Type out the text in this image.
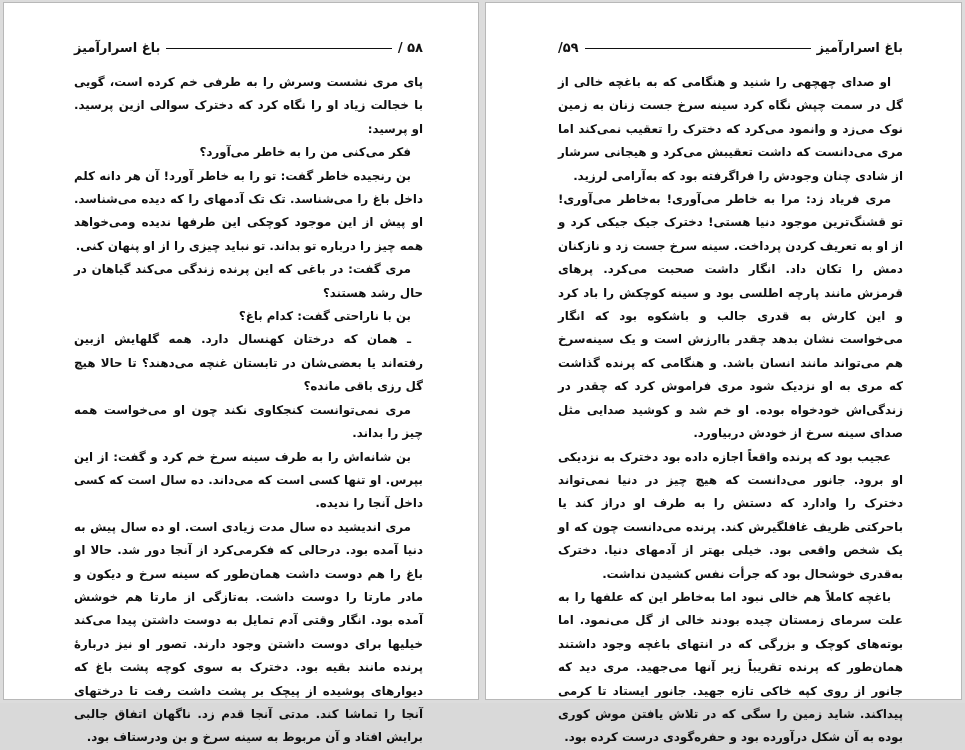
۵۸ /
باغ اسرارآمیز

پای مری نشست وسرش را به طرفی خم کرده است، گویی با خجالت زیاد او را نگاه کرد که دخترک سوالی ازین پرسید. او پرسید:

فکر می‌کنی من را به خاطر می‌آورد؟

بن رنجیده خاطر گفت: تو را به خاطر آورد! آن هر دانه کلم داخل باغ را می‌شناسد. تک تک آدمهای را که دیده می‌شناسد. او پیش از این موجود کوچکی این طرفها ندیده ومی‌خواهد همه چیز را درباره تو بداند. تو نباید چیزی را از او پنهان کنی.

مری گفت: در باغی که این پرنده زندگی می‌کند گیاهان در حال رشد هستند؟

بن با ناراحتی گفت: کدام باغ؟

ـ همان که درختان کهنسال دارد. همه گلهایش ازبین رفته‌اند یا بعضی‌شان در تابستان غنچه می‌دهند؟ تا حالا هیچ گل رزی باقی مانده؟

مری نمی‌توانست کنجکاوی نکند چون او می‌خواست همه چیز را بداند.

بن شانه‌اش را به طرف سینه سرخ خم کرد و گفت: از این بپرس. او تنها کسی است که می‌داند. ده سال است که کسی داخل آنجا را ندیده.

مری اندیشید ده سال مدت زیادی است. او ده سال پیش به دنیا آمده بود. درحالی که فکرمی‌کرد از آنجا دور شد. حالا او باغ را هم دوست داشت همان‌طور که سینه سرخ و دیکون و مادر مارتا را دوست داشت. به‌تازگی از مارتا هم خوشش آمده بود. انگار وقتی آدم تمایل به دوست داشتن پیدا می‌کند خیلیها برای دوست داشتن وجود دارند. تصور او نیز دربارهٔ پرنده مانند بقیه بود. دخترک به سوی کوچه پشت باغ که دیوارهای پوشیده از پیچک بر پشت داشت رفت تا درختهای آنجا را تماشا کند. مدتی آنجا قدم زد. ناگهان اتفاق جالبی برایش افتاد و آن مربوط به سینه سرخ و بن ودرستاف بود.

باغ اسرارآمیز
۵۹/

او صدای چهچهی را شنید و هنگامی که به باغچه خالی از گل در سمت چپش نگاه کرد سینه سرخ جست زنان به زمین نوک می‌زد و وانمود می‌کرد که دخترک را تعقیب نمی‌کند اما مری می‌دانست که داشت تعقیبش می‌کرد و هیجانی سرشار از شادی چنان وجودش را فراگرفته بود که به‌آرامی لرزید.

مری فریاد زد: مرا به خاطر می‌آوری! به‌خاطر می‌آوری! تو قشنگ‌ترین موجود دنیا هستی! دخترک جیک جیکی کرد و از او به تعریف کردن پرداخت. سینه سرخ جست زد و نازکنان دمش را تکان داد. انگار داشت صحبت می‌کرد. پرهای قرمزش مانند پارچه اطلسی بود و سینه کوچکش را باد کرد و این کارش به قدری جالب و باشکوه بود که انگار می‌خواست نشان بدهد چقدر باارزش است و یک سینه‌سرخ هم می‌تواند مانند انسان باشد. و هنگامی که پرنده گذاشت که مری به او نزدیک شود مری فراموش کرد که چقدر در زندگی‌اش خودخواه بوده. او خم شد و کوشید صدایی مثل صدای سینه سرخ از خودش دربیاورد.

عجیب بود که پرنده واقعاً اجازه داده بود دخترک به نزدیکی او برود. جانور می‌دانست که هیچ چیز در دنیا نمی‌تواند دخترک را وادارد که دستش را به طرف او دراز کند یا باحرکتی ظریف غافلگیرش کند. پرنده می‌دانست چون که او یک شخص واقعی بود. خیلی بهتر از آدمهای دنیا. دخترک به‌قدری خوشحال بود که جرأت نفس کشیدن نداشت.

باغچه کاملاً هم خالی نبود اما به‌خاطر این که علفها را به علت سرمای زمستان چیده بودند خالی از گل می‌نمود. اما بوته‌های کوچک و بزرگی که در انتهای باغچه وجود داشتند همان‌طور که پرنده تقریباً زیر آنها می‌جهید. مری دید که جانور از روی کپه خاکی تازه جهید. جانور ایستاد تا کرمی پیداکند. شاید زمین را سگی که در تلاش یافتن موش کوری بوده به آن شکل درآورده بود و حفره‌گودی درست کرده بود.
